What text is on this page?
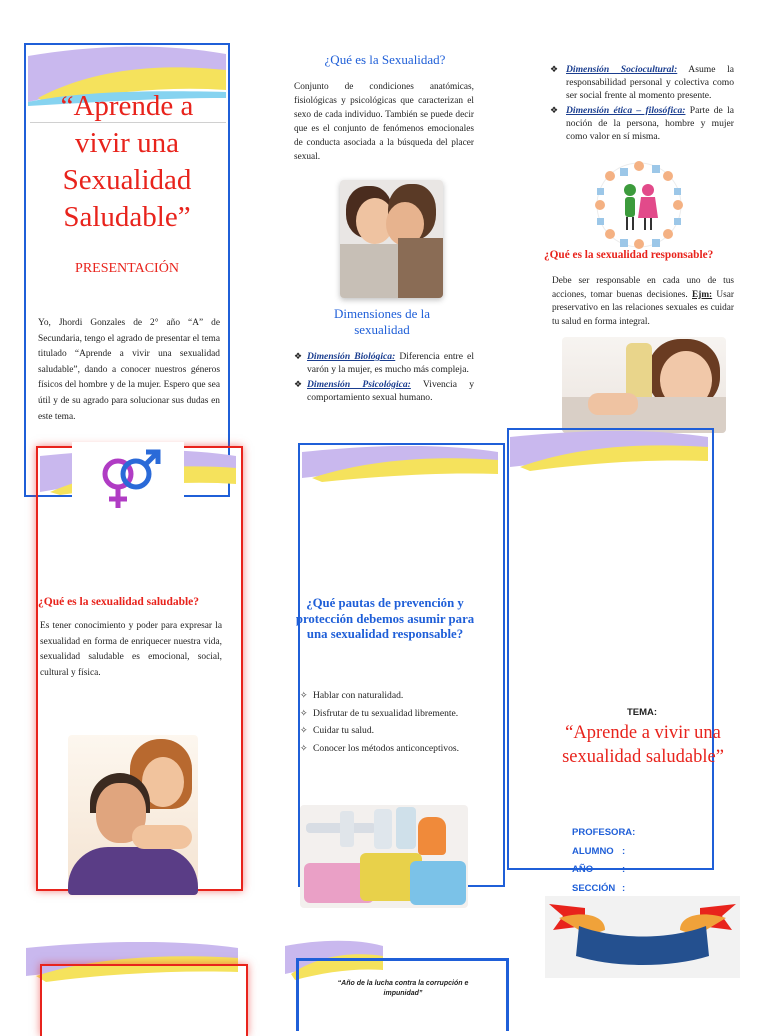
“Aprende a vivir una Sexualidad Saludable”
PRESENTACIÓN
Yo, Jhordi Gonzales de 2° año “A” de Secundaria, tengo el agrado de presentar el tema titulado “Aprende a vivir una sexualidad saludable”, dando a conocer nuestros géneros físicos del hombre y de la mujer. Espero que sea útil y de su agrado para solucionar sus dudas en este tema.
¿Qué es la sexualidad saludable?
Es tener conocimiento y poder para expresar la sexualidad en forma de enriquecer nuestra vida, sexualidad saludable es emocional, social, cultural y física.
¿Qué es la Sexualidad?
Conjunto de condiciones anatómicas, fisiológicas y psicológicas que caracterizan el sexo de cada individuo. También se puede decir que es el conjunto de fenómenos emocionales de conducta asociada a la búsqueda del placer sexual.
Dimensiones de la sexualidad
❖ Dimensión Biológica: Diferencia entre el varón y la mujer, es mucho más compleja.
❖ Dimensión Psicológica: Vivencia y comportamiento sexual humano.
¿Qué pautas de prevención y protección debemos asumir para una sexualidad responsable?
✧ Hablar con naturalidad.
✧ Disfrutar de tu sexualidad libremente.
✧ Cuidar tu salud.
✧ Conocer los métodos anticonceptivos.
❖ Dimensión Sociocultural: Asume la responsabilidad personal y colectiva como ser social frente al momento presente.
❖ Dimensión ética – filosófica: Parte de la noción de la persona, hombre y mujer como valor en sí misma.
¿Qué es la sexualidad responsable?
Debe ser responsable en cada uno de tus acciones, tomar buenas decisiones. Ejm: Usar preservativo en las relaciones sexuales es cuidar tu salud en forma integral.
TEMA:
“Aprende a vivir una sexualidad saludable”
PROFESORA:
ALUMNO :
AÑO	:
SECCIÓN :
“Año de la lucha contra la corrupción e impunidad”
